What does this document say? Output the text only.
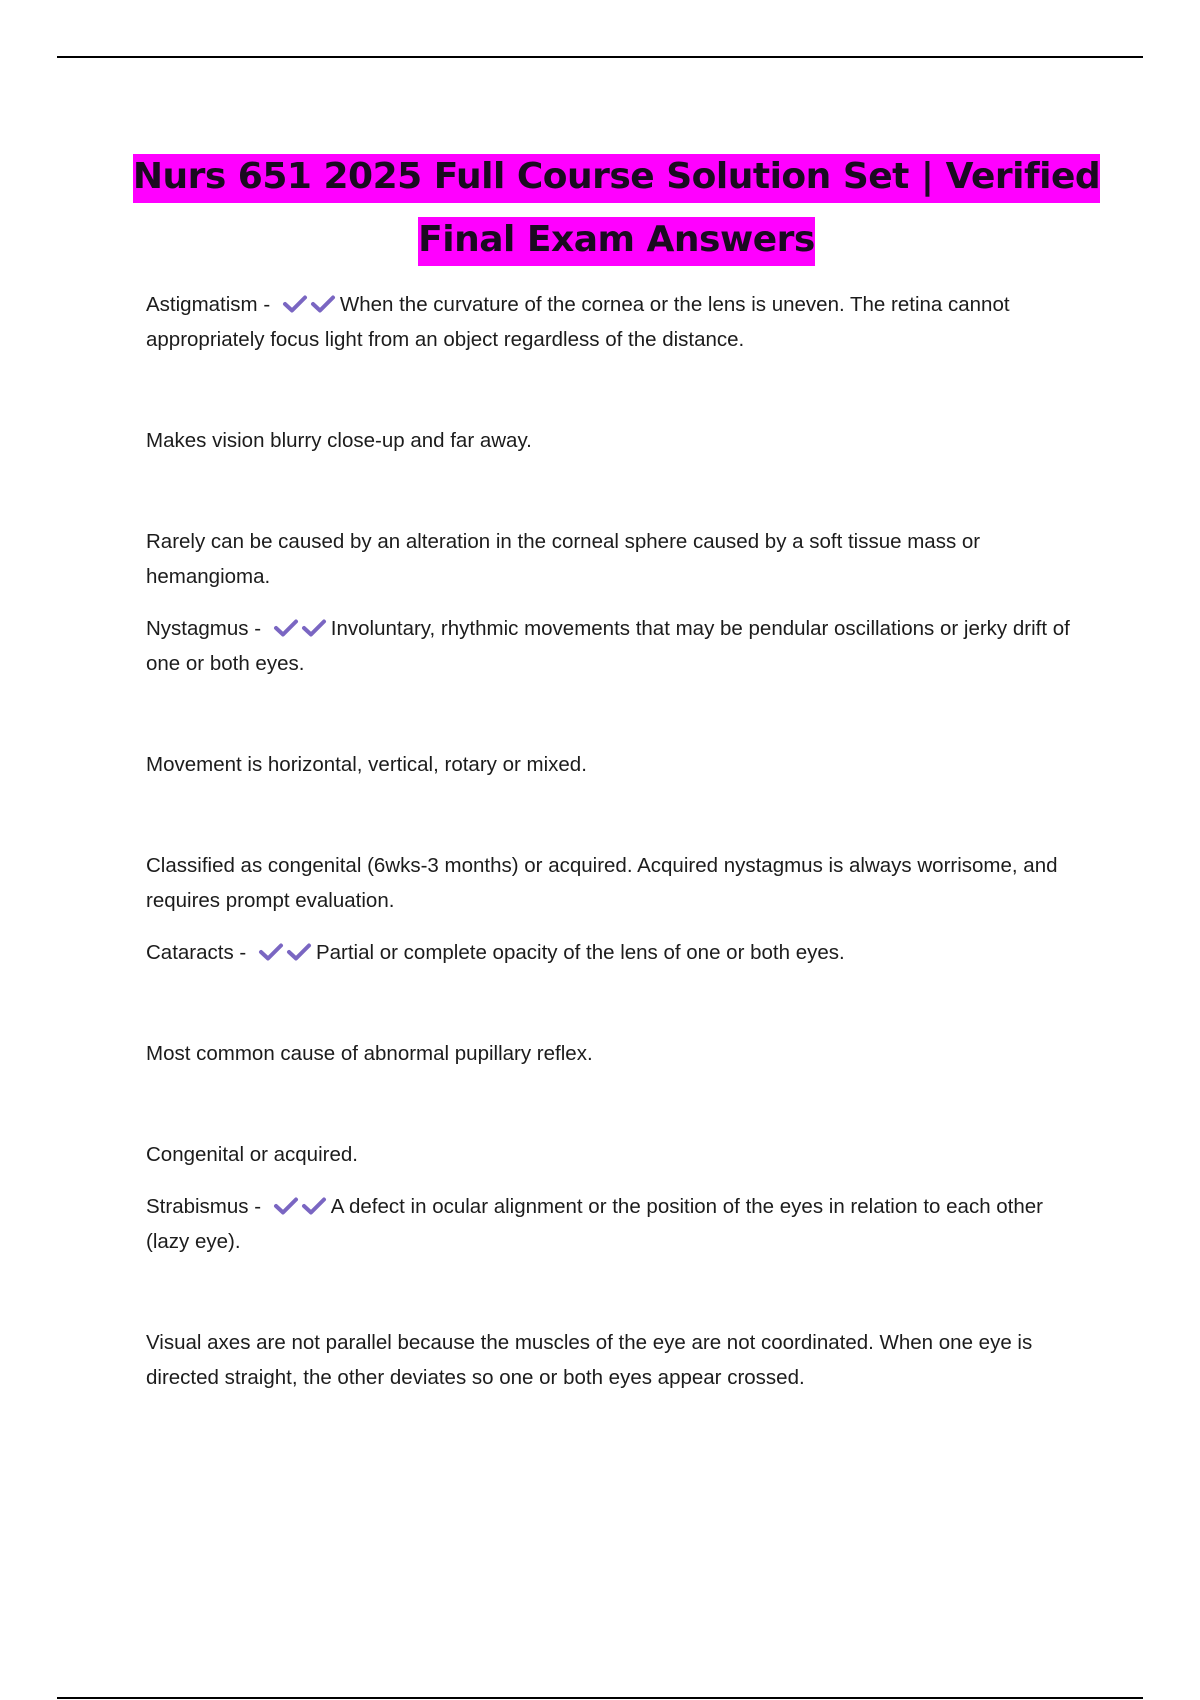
Nurs 651 2025 Full Course Solution Set | Verified
Final Exam Answers

Astigmatism -	When the curvature of the cornea or the lens is uneven. The retina cannot appropriately focus light from an object regardless of the distance.

Makes vision blurry close-up and far away.

Rarely can be caused by an alteration in the corneal sphere caused by a soft tissue mass or hemangioma.

Nystagmus -	Involuntary, rhythmic movements that may be pendular oscillations or jerky drift of one or both eyes.

Movement is horizontal, vertical, rotary or mixed.

Classified as congenital (6wks-3 months) or acquired. Acquired nystagmus is always worrisome, and requires prompt evaluation.

Cataracts -	Partial or complete opacity of the lens of one or both eyes.

Most common cause of abnormal pupillary reflex.

Congenital or acquired.

Strabismus -	A defect in ocular alignment or the position of the eyes in relation to each other (lazy eye).

Visual axes are not parallel because the muscles of the eye are not coordinated. When one eye is directed straight, the other deviates so one or both eyes appear crossed.
